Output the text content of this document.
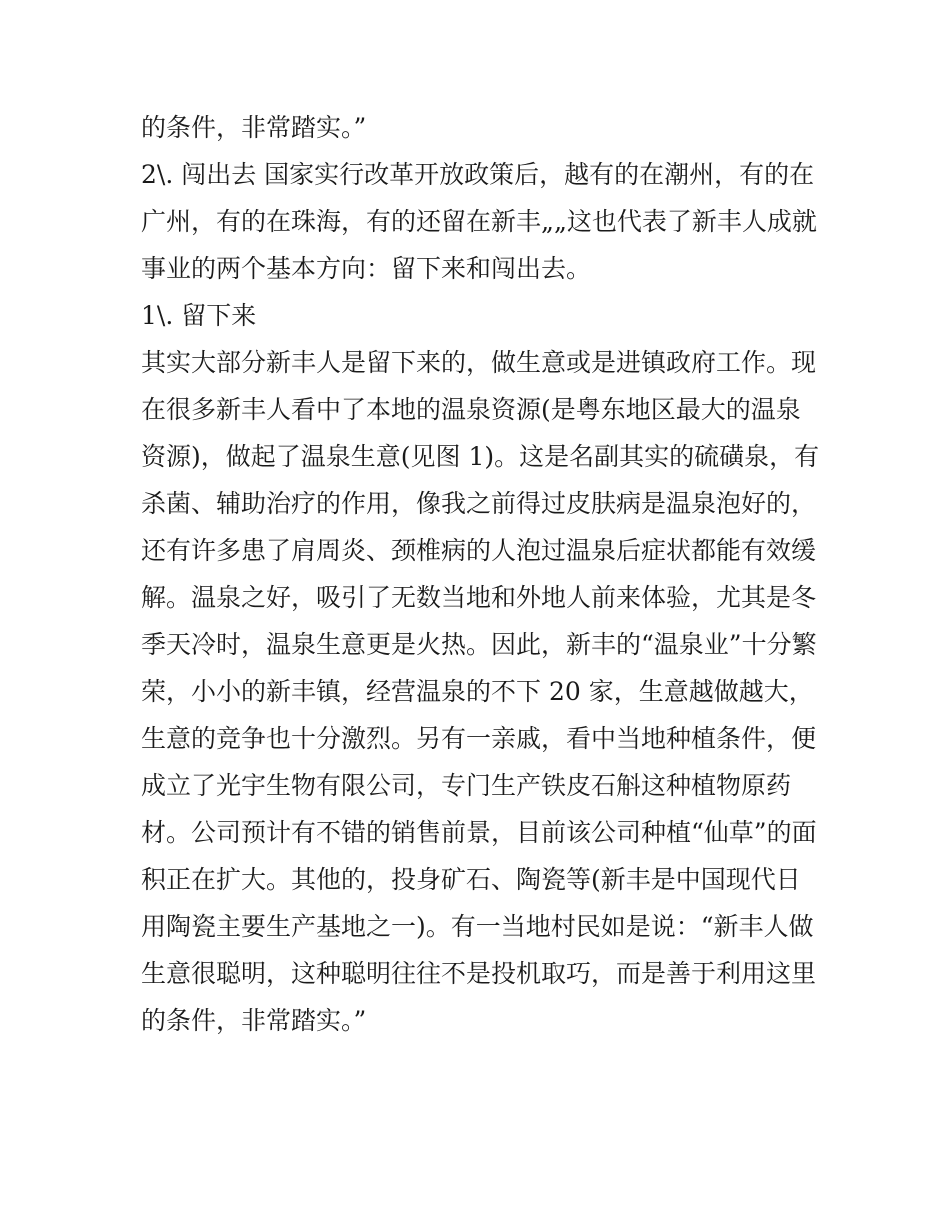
的条件，非常踏实。”
2\. 闯出去 国家实行改革开放政策后，越有的在潮州，有的在
广州，有的在珠海，有的还留在新丰„„这也代表了新丰人成就
事业的两个基本方向：留下来和闯出去。
1\. 留下来
其实大部分新丰人是留下来的，做生意或是进镇政府工作。现
在很多新丰人看中了本地的温泉资源(是粤东地区最大的温泉
资源)，做起了温泉生意(见图 1)。这是名副其实的硫磺泉，有
杀菌、辅助治疗的作用，像我之前得过皮肤病是温泉泡好的，
还有许多患了肩周炎、颈椎病的人泡过温泉后症状都能有效缓
解。温泉之好，吸引了无数当地和外地人前来体验，尤其是冬
季天冷时，温泉生意更是火热。因此，新丰的“温泉业”十分繁
荣，小小的新丰镇，经营温泉的不下 20 家，生意越做越大，
生意的竞争也十分激烈。另有一亲戚，看中当地种植条件，便
成立了光宇生物有限公司，专门生产铁皮石斛这种植物原药
材。公司预计有不错的销售前景，目前该公司种植“仙草”的面
积正在扩大。其他的，投身矿石、陶瓷等(新丰是中国现代日
用陶瓷主要生产基地之一)。有一当地村民如是说：“新丰人做
生意很聪明，这种聪明往往不是投机取巧，而是善于利用这里
的条件，非常踏实。”
